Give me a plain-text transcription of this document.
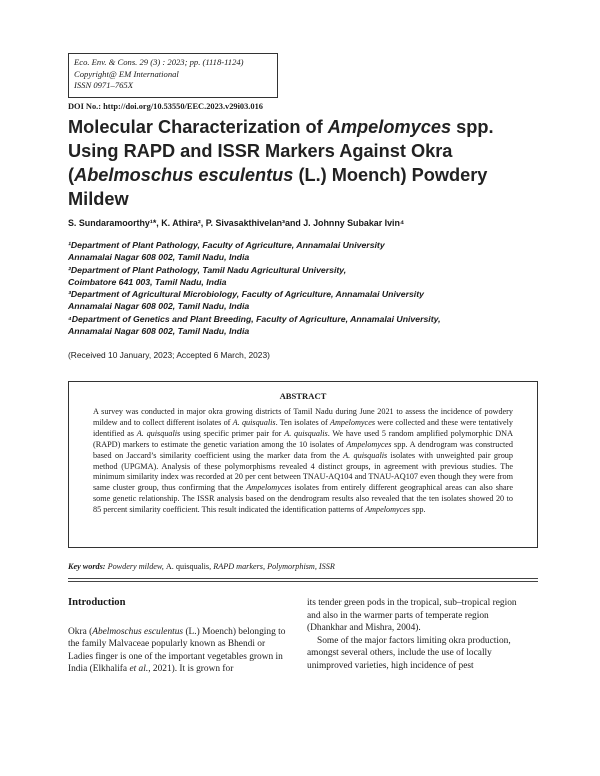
Eco. Env. & Cons. 29 (3) : 2023; pp. (1118-1124)
Copyright@ EM International
ISSN 0971–765X
DOI No.: http://doi.org/10.53550/EEC.2023.v29i03.016
Molecular Characterization of Ampelomyces spp. Using RAPD and ISSR Markers Against Okra (Abelmoschus esculentus (L.) Moench) Powdery Mildew
S. Sundaramoorthy¹*, K. Athira², P. Sivasakthivelan³and J. Johnny Subakar Ivin⁴
¹Department of Plant Pathology, Faculty of Agriculture, Annamalai University
Annamalai Nagar 608 002, Tamil Nadu, India
²Department of Plant Pathology, Tamil Nadu Agricultural University,
Coimbatore 641 003, Tamil Nadu, India
³Department of Agricultural Microbiology, Faculty of Agriculture, Annamalai University
Annamalai Nagar 608 002, Tamil Nadu, India
⁴Department of Genetics and Plant Breeding, Faculty of Agriculture, Annamalai University,
Annamalai Nagar 608 002, Tamil Nadu, India
(Received 10 January, 2023; Accepted 6 March, 2023)
ABSTRACT
A survey was conducted in major okra growing districts of Tamil Nadu during June 2021 to assess the incidence of powdery mildew and to collect different isolates of A. quisqualis. Ten isolates of Ampelomyces were collected and these were tentatively identified as A. quisqualis using specific primer pair for A. quisqualis. We have used 5 random amplified polymorphic DNA (RAPD) markers to estimate the genetic variation among the 10 isolates of Ampelomyces spp. A dendrogram was constructed based on Jaccard’s similarity coefficient using the marker data from the A. quisqualis isolates with unweighted pair group method (UPGMA). Analysis of these polymorphisms revealed 4 distinct groups, in agreement with previous studies. The minimum similarity index was recorded at 20 per cent between TNAU-AQ104 and TNAU-AQ107 even though they were from same cluster group, thus confirming that the Ampelomyces isolates from entirely different geographical areas can also share some genetic relationship. The ISSR analysis based on the dendrogram results also revealed that the ten isolates showed 20 to 85 percent similarity coefficient. This result indicated the identification patterns of Ampelomyces spp.
Key words: Powdery mildew, A. quisqualis, RAPD markers, Polymorphism, ISSR
Introduction
Okra (Abelmoschus esculentus (L.) Moench) belonging to the family Malvaceae popularly known as Bhendi or Ladies finger is one of the important vegetables grown in India (Elkhalifa et al., 2021). It is grown for
its tender green pods in the tropical, sub–tropical region and also in the warmer parts of temperate region (Dhankhar and Mishra, 2004).
Some of the major factors limiting okra production, amongst several others, include the use of locally unimproved varieties, high incidence of pest
